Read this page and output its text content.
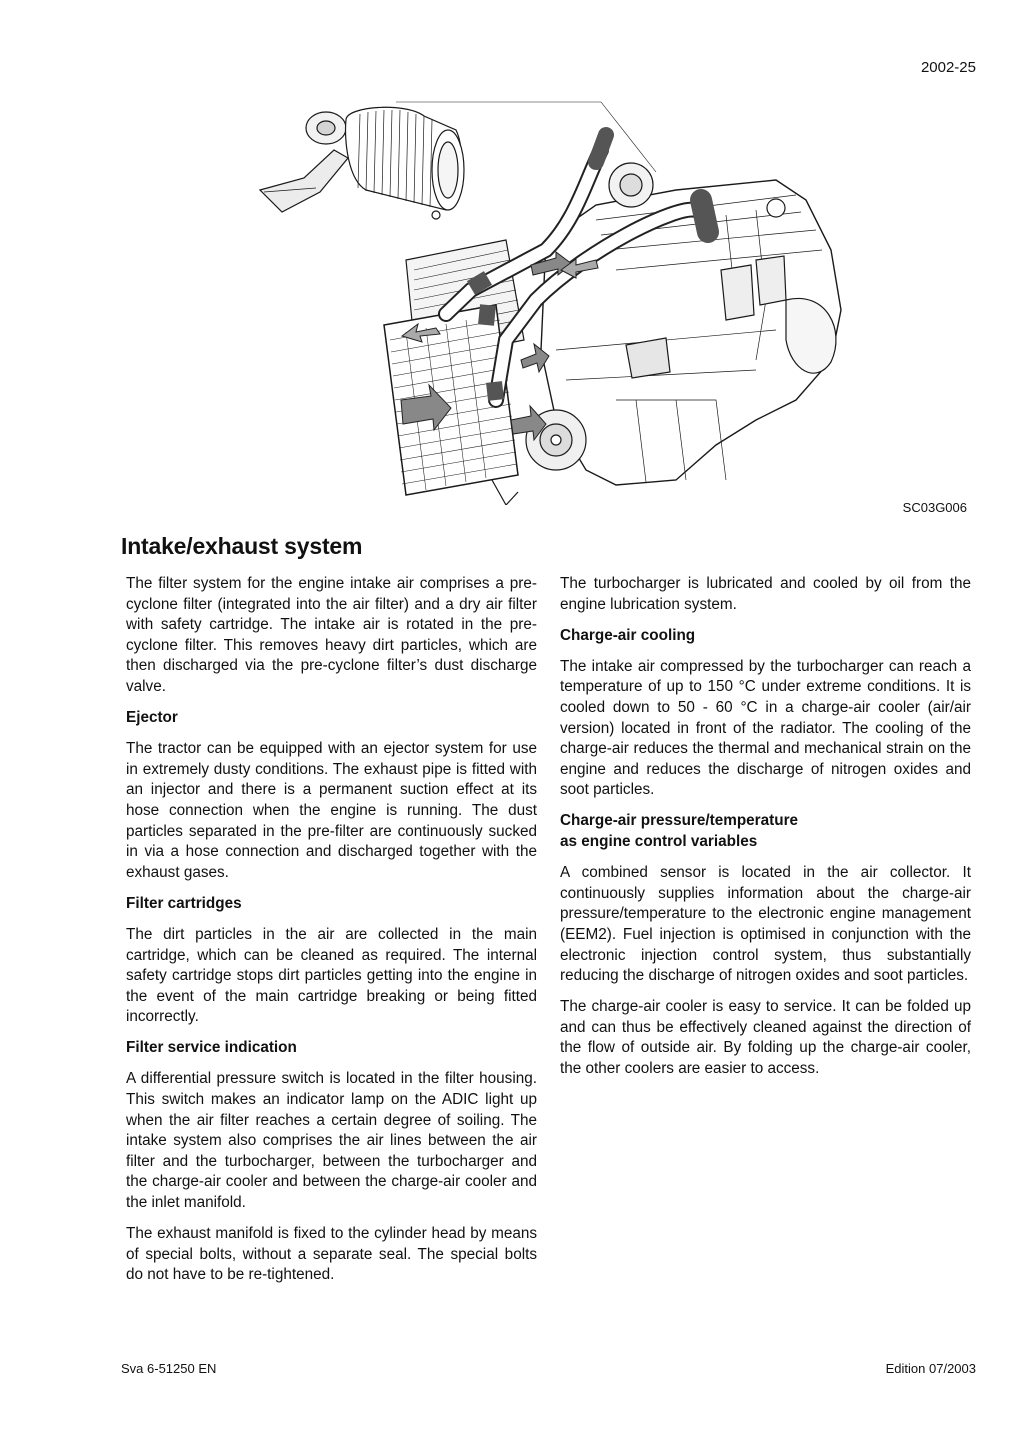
2002-25
SC03G006
Intake/exhaust system

The filter system for the engine intake air comprises a pre-cyclone filter (integrated into the air filter) and a dry air filter with safety cartridge. The intake air is rotated in the pre-cyclone filter. This removes heavy dirt particles, which are then discharged via the pre-cyclone filter’s dust discharge valve.

Ejector

The tractor can be equipped with an ejector system for use in extremely dusty conditions. The exhaust pipe is fitted with an injector and there is a permanent suction effect at its hose connection when the engine is running. The dust particles separated in the pre-filter are continuously sucked in via a hose connection and discharged together with the exhaust gases.

Filter cartridges

The dirt particles in the air are collected in the main cartridge, which can be cleaned as required. The internal safety cartridge stops dirt particles getting into the engine in the event of the main cartridge breaking or being fitted incorrectly.

Filter service indication

A differential pressure switch is located in the filter housing. This switch makes an indicator lamp on the ADIC light up when the air filter reaches a certain degree of soiling. The intake system also comprises the air lines between the air filter and the turbocharger, between the turbocharger and the charge-air cooler and between the charge-air cooler and the inlet manifold.

The exhaust manifold is fixed to the cylinder head by means of special bolts, without a separate seal. The special bolts do not have to be re-tightened.

The turbocharger is lubricated and cooled by oil from the engine lubrication system.

Charge-air cooling

The intake air compressed by the turbocharger can reach a temperature of up to 150 °C under extreme conditions. It is cooled down to 50 - 60 °C in a charge-air cooler (air/air version) located in front of the radiator. The cooling of the charge-air reduces the thermal and mechanical strain on the engine and reduces the discharge of nitrogen oxides and soot particles.

Charge-air pressure/temperature
as engine control variables

A combined sensor is located in the air collector. It continuously supplies information about the charge-air pressure/temperature to the electronic engine management (EEM2). Fuel injection is optimised in conjunction with the electronic injection control system, thus substantially reducing the discharge of nitrogen oxides and soot particles.

The charge-air cooler is easy to service. It can be folded up and can thus be effectively cleaned against the direction of the flow of outside air. By folding up the charge-air cooler, the other coolers are easier to access.

Sva 6-51250 EN	Edition 07/2003
